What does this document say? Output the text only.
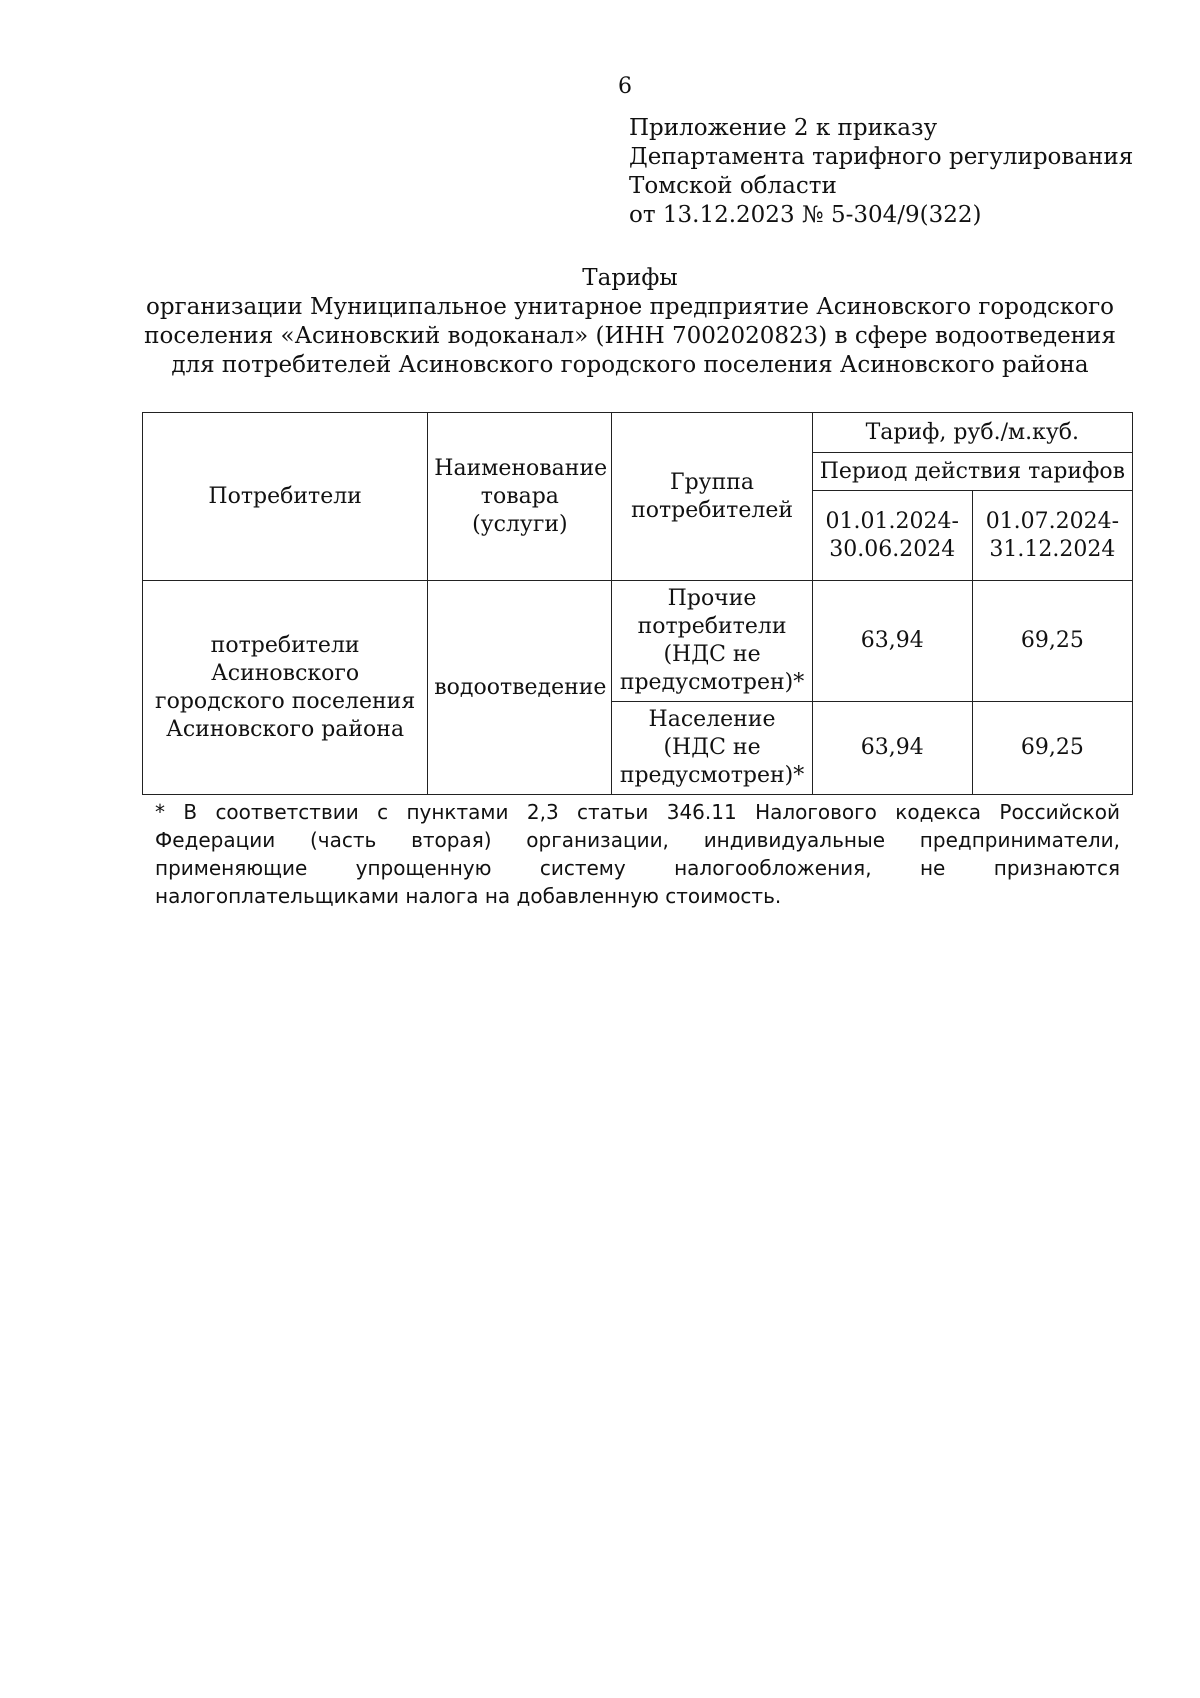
6
Приложение 2 к приказу
Департамента тарифного регулирования
Томской области
от 13.12.2023 № 5-304/9(322)
Тарифы
организации Муниципальное унитарное предприятие Асиновского городского
поселения «Асиновский водоканал» (ИНН 7002020823) в сфере водоотведения
для потребителей Асиновского городского поселения Асиновского района
Потребители	Наименование товара (услуги)	Группа потребителей	Тариф, руб./м.куб.	
			Период действия тарифов	
			01.01.2024-30.06.2024	01.07.2024-31.12.2024
потребители Асиновского городского поселения Асиновского района	водоотведение	Прочие потребители (НДС не предусмотрен)*	63,94	69,25
		Население (НДС не предусмотрен)*	63,94	69,25
* В соответствии с пунктами 2,3 статьи 346.11 Налогового кодекса Российской Федерации (часть вторая) организации, индивидуальные предприниматели, применяющие упрощенную систему налогообложения, не признаются налогоплательщиками налога на добавленную стоимость.
